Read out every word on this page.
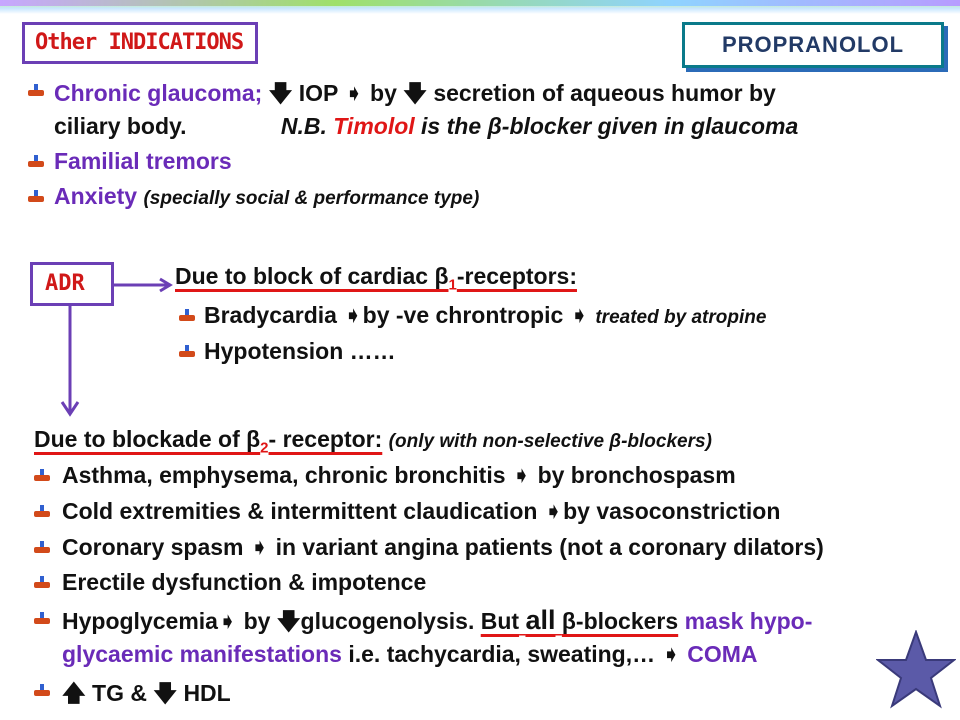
Other INDICATIONS	PROPRANOLOL
Chronic glaucoma; 🡇 IOP ➧ by 🡇 secretion of aqueous humor by
ciliary body.	N.B. Timolol is the β-blocker given in glaucoma
Familial tremors
Anxiety (specially social & performance type)
ADR	Due to block of cardiac $\beta_1$-receptors:
Bradycardia ➧by -ve chrontropic ➧ treated by atropine
Hypotension ……
Due to blockade of $\beta_2-$ receptor: (only with non-selective β-blockers)
Asthma, emphysema, chronic bronchitis ➧ by bronchospasm
Cold extremities & intermittent claudication ➧by vasoconstriction
Coronary spasm ➧ in variant angina patients (not a coronary dilators)
Erectile dysfunction & impotence
Hypoglycemia➧ by 🡇glucogenolysis. But all β-blockers mask hypo-
glycaemic manifestations i.e. tachycardia, sweating,… ➧ COMA
🡅 TG & 🡇 HDL
